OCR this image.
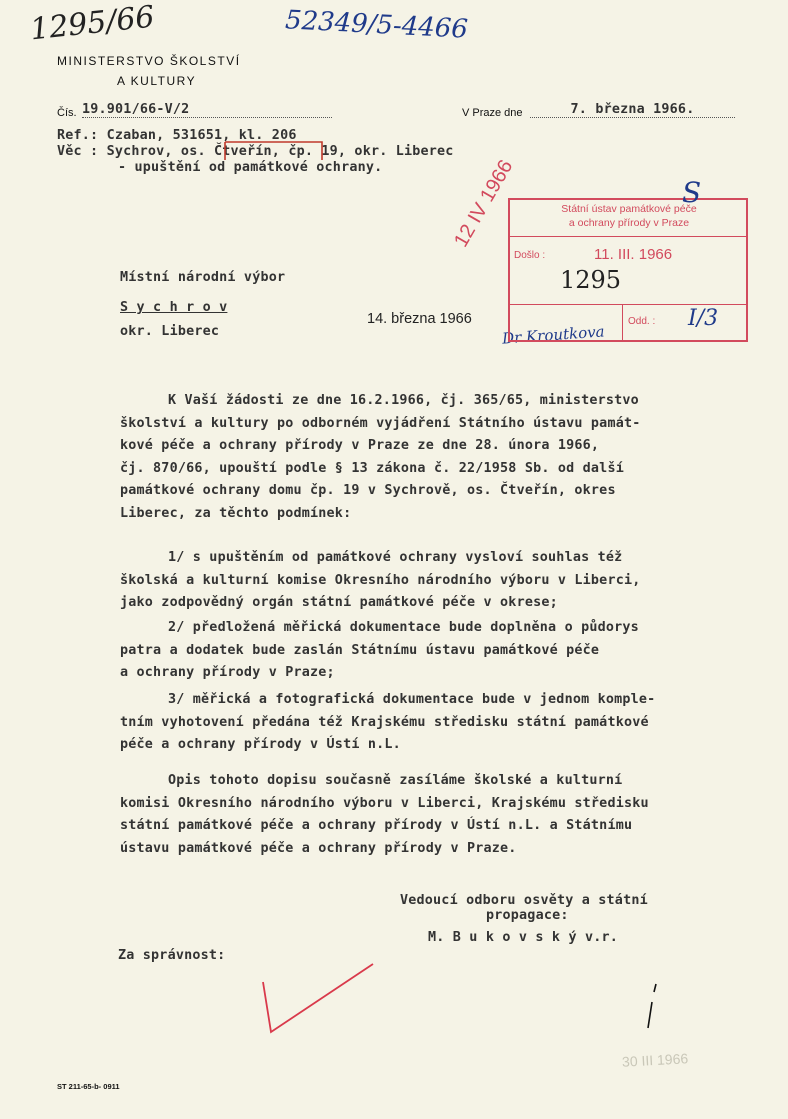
1295/66	52349/5-4466
MINISTERSTVO ŠKOLSTVÍ
A KULTURY
Čís. 19.901/66-V/2	V Praze dne	7. března 1966.
Ref.: Czaban, 531651, kl. 206
Věc : Sychrov, os. Čtveřín, čp. 19, okr. Liberec
- upuštění od památkové ochrany.
Místní národní výbor
S y c h r o v
okr. Liberec
14. března 1966
Dr Kroutkova
Státní ústav památkové péče
a ochrany přírody v Praze
Došlo :	11. III. 1966
1295
Odd. : I/3
12 IV 1966	S
K Vaší žádosti ze dne 16.2.1966, čj. 365/65, ministerstvo
školství a kultury po odborném vyjádření Státního ústavu památ-
kové péče a ochrany přírody v Praze ze dne 28. února 1966,
čj. 870/66, upouští podle § 13 zákona č. 22/1958 Sb. od další
památkové ochrany domu čp. 19 v Sychrově, os. Čtveřín, okres
Liberec, za těchto podmínek:
1/ s upuštěním od památkové ochrany vysloví souhlas též
školská a kulturní komise Okresního národního výboru v Liberci,
jako zodpovědný orgán státní památkové péče v okrese;
2/ předložená měřická dokumentace bude doplněna o půdorys
patra a dodatek bude zaslán Státnímu ústavu památkové péče
a ochrany přírody v Praze;
3/ měřická a fotografická dokumentace bude v jednom komple-
tním vyhotovení předána též Krajskému středisku státní památkové
péče a ochrany přírody v Ústí n.L.
Opis tohoto dopisu současně zasíláme školské a kulturní
komisi Okresního národního výboru v Liberci, Krajskému středisku
státní památkové péče a ochrany přírody v Ústí n.L. a Státnímu
ústavu památkové péče a ochrany přírody v Praze.
Vedoucí odboru osvěty a státní
propagace:
M. B u k o v s k ý v.r.
Za správnost:
ST 211-65-b- 0911
30 III 1966
